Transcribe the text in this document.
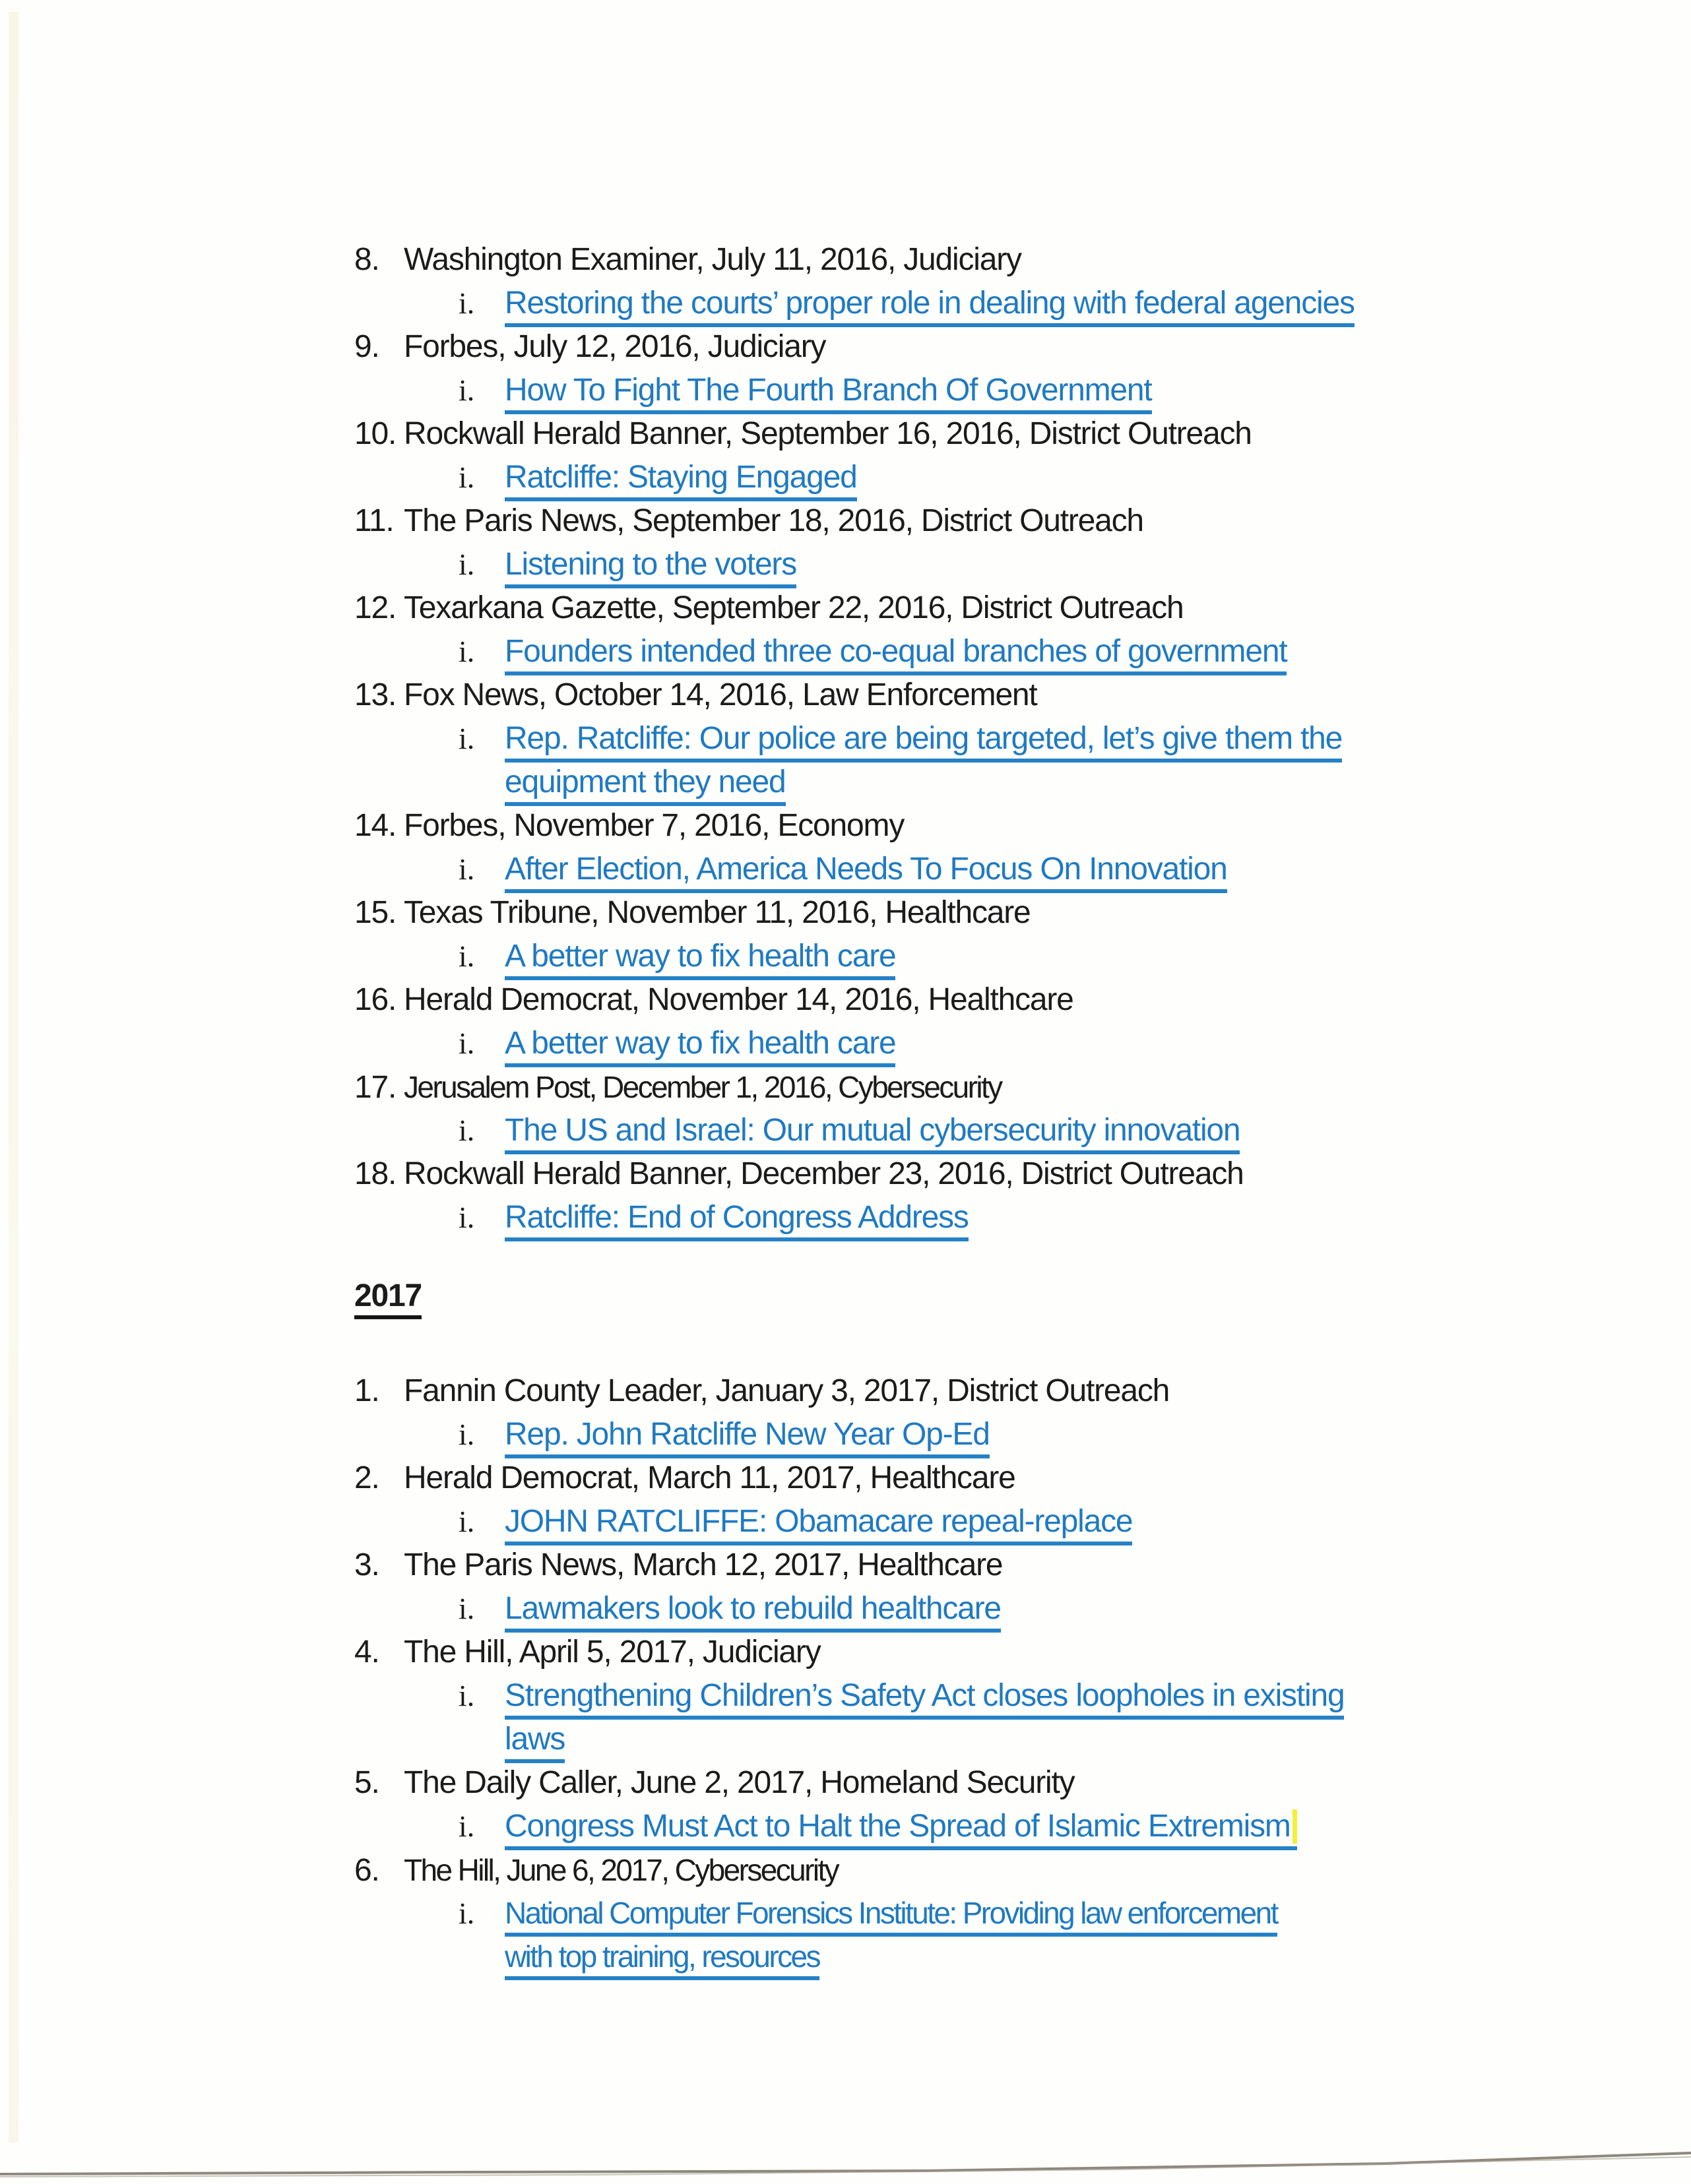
8. Washington Examiner, July 11, 2016, Judiciary
i. Restoring the courts’ proper role in dealing with federal agencies
9. Forbes, July 12, 2016, Judiciary
i. How To Fight The Fourth Branch Of Government
10. Rockwall Herald Banner, September 16, 2016, District Outreach
i. Ratcliffe: Staying Engaged
11. The Paris News, September 18, 2016, District Outreach
i. Listening to the voters
12. Texarkana Gazette, September 22, 2016, District Outreach
i. Founders intended three co-equal branches of government
13. Fox News, October 14, 2016, Law Enforcement
i. Rep. Ratcliffe: Our police are being targeted, let’s give them the
equipment they need
14. Forbes, November 7, 2016, Economy
i. After Election, America Needs To Focus On Innovation
15. Texas Tribune, November 11, 2016, Healthcare
i. A better way to fix health care
16. Herald Democrat, November 14, 2016, Healthcare
i. A better way to fix health care
17. Jerusalem Post, December 1, 2016, Cybersecurity
i. The US and Israel: Our mutual cybersecurity innovation
18. Rockwall Herald Banner, December 23, 2016, District Outreach
i. Ratcliffe: End of Congress Address
2017
1. Fannin County Leader, January 3, 2017, District Outreach
i. Rep. John Ratcliffe New Year Op-Ed
2. Herald Democrat, March 11, 2017, Healthcare
i. JOHN RATCLIFFE: Obamacare repeal-replace
3. The Paris News, March 12, 2017, Healthcare
i. Lawmakers look to rebuild healthcare
4. The Hill, April 5, 2017, Judiciary
i. Strengthening Children’s Safety Act closes loopholes in existing
laws
5. The Daily Caller, June 2, 2017, Homeland Security
i. Congress Must Act to Halt the Spread of Islamic Extremism
6. The Hill, June 6, 2017, Cybersecurity
i. National Computer Forensics Institute: Providing law enforcement
with top training, resources
